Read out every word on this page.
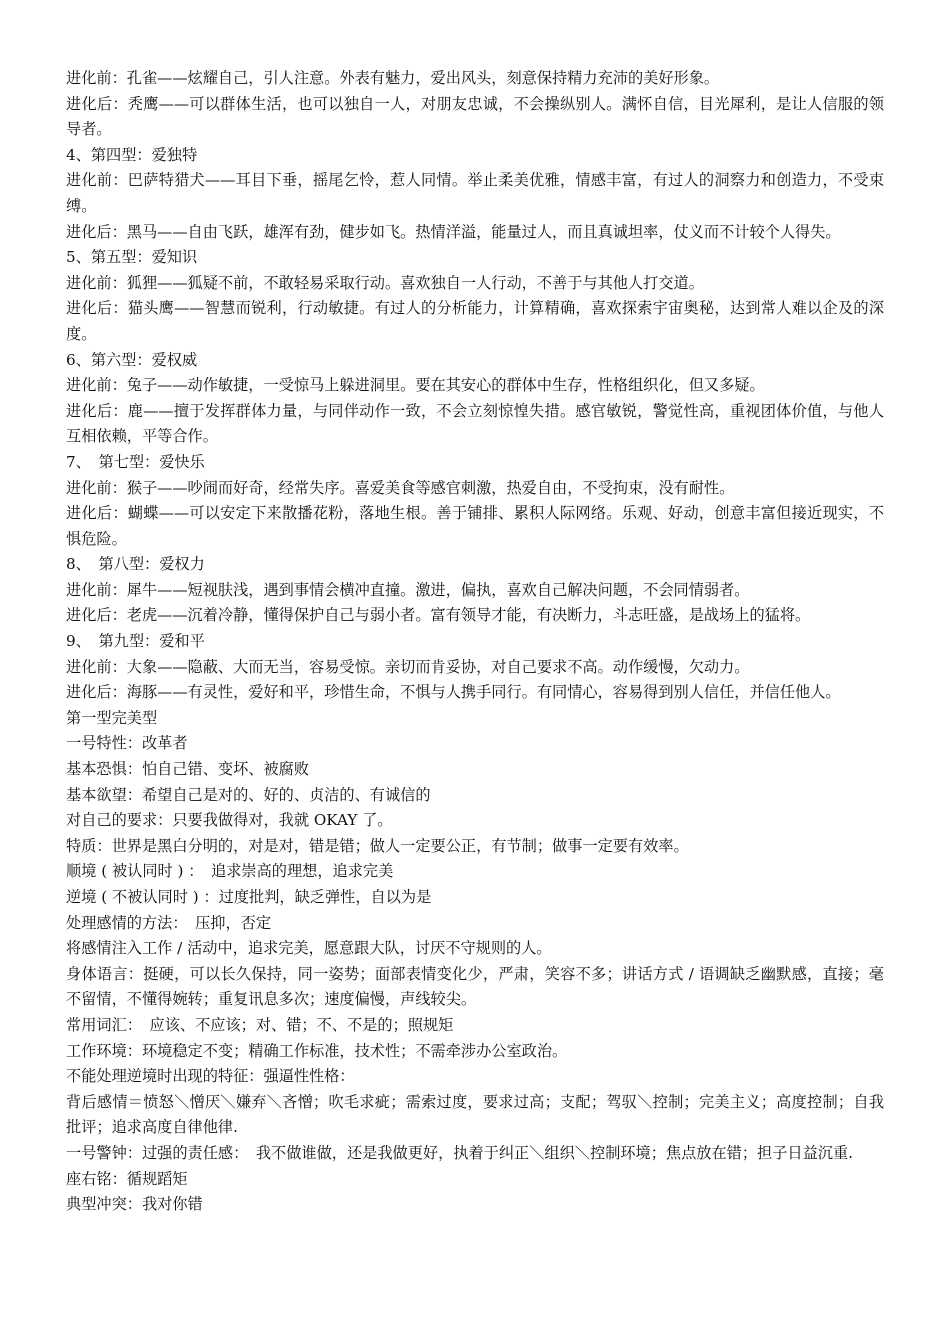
进化前：孔雀——炫耀自己，引人注意。外表有魅力，爱出风头，刻意保持精力充沛的美好形象。

进化后：秃鹰——可以群体生活，也可以独自一人，对朋友忠诚，不会操纵别人。满怀自信，目光犀利，是让人信服的领导者。

4、第四型：爱独特

进化前：巴萨特猎犬——耳目下垂，摇尾乞怜，惹人同情。举止柔美优雅，情感丰富，有过人的洞察力和创造力，不受束缚。

进化后：黑马——自由飞跃，雄浑有劲，健步如飞。热情洋溢，能量过人，而且真诚坦率，仗义而不计较个人得失。

5、第五型：爱知识

进化前：狐狸——狐疑不前，不敢轻易采取行动。喜欢独自一人行动，不善于与其他人打交道。

进化后：猫头鹰——智慧而锐利，行动敏捷。有过人的分析能力，计算精确，喜欢探索宇宙奥秘，达到常人难以企及的深度。

6、第六型：爱权威

进化前：兔子——动作敏捷，一受惊马上躲进洞里。要在其安心的群体中生存，性格组织化，但又多疑。

进化后：鹿——擅于发挥群体力量，与同伴动作一致，不会立刻惊惶失措。感官敏锐，警觉性高，重视团体价值，与他人互相依赖，平等合作。

7、　第七型：爱快乐

进化前：猴子——吵闹而好奇，经常失序。喜爱美食等感官刺激，热爱自由，不受拘束，没有耐性。

进化后：蝴蝶——可以安定下来散播花粉，落地生根。善于铺排、累积人际网络。乐观、好动，创意丰富但接近现实，不惧危险。

8、　第八型：爱权力

进化前：犀牛——短视肤浅，遇到事情会横冲直撞。激进，偏执，喜欢自己解决问题，不会同情弱者。

进化后：老虎——沉着冷静，懂得保护自己与弱小者。富有领导才能，有决断力，斗志旺盛，是战场上的猛将。

9、　第九型：爱和平

进化前：大象——隐蔽、大而无当，容易受惊。亲切而肯妥协，对自己要求不高。动作缓慢，欠动力。

进化后：海豚——有灵性，爱好和平，珍惜生命，不惧与人携手同行。有同情心，容易得到别人信任，并信任他人。

第一型完美型

一号特性：改革者

基本恐惧：怕自己错、变坏、被腐败

基本欲望：希望自己是对的、好的、贞洁的、有诚信的

对自己的要求：只要我做得对，我就 OKAY 了。

特质：世界是黑白分明的，对是对，错是错；做人一定要公正，有节制；做事一定要有效率。

顺境 ( 被认同时 ) ：　追求崇高的理想，追求完美

逆境 ( 不被认同时 ) ：过度批判，缺乏弹性，自以为是

处理感情的方法：　压抑，否定

将感情注入工作 / 活动中，追求完美，愿意跟大队，讨厌不守规则的人。

身体语言：挺硬，可以长久保持，同一姿势；面部表情变化少，严肃，笑容不多；讲话方式 / 语调缺乏幽默感，直接；毫不留情，不懂得婉转；重复讯息多次；速度偏慢，声线较尖。

常用词汇：　应该、不应该；对、错；不、不是的；照规矩

工作环境：环境稳定不变；精确工作标准，技术性；不需牵涉办公室政治。

不能处理逆境时出现的特征：强逼性性格：

背后感情＝愤怒＼憎厌＼嫌弃＼吝憎；吹毛求疵；需索过度，要求过高；支配；驾驭＼控制；完美主义；高度控制；自我批评；追求高度自律他律.

一号警钟：过强的责任感：　我不做谁做，还是我做更好，执着于纠正＼组织＼控制环境；焦点放在错；担子日益沉重.

座右铭：循规蹈矩

典型冲突：我对你错
